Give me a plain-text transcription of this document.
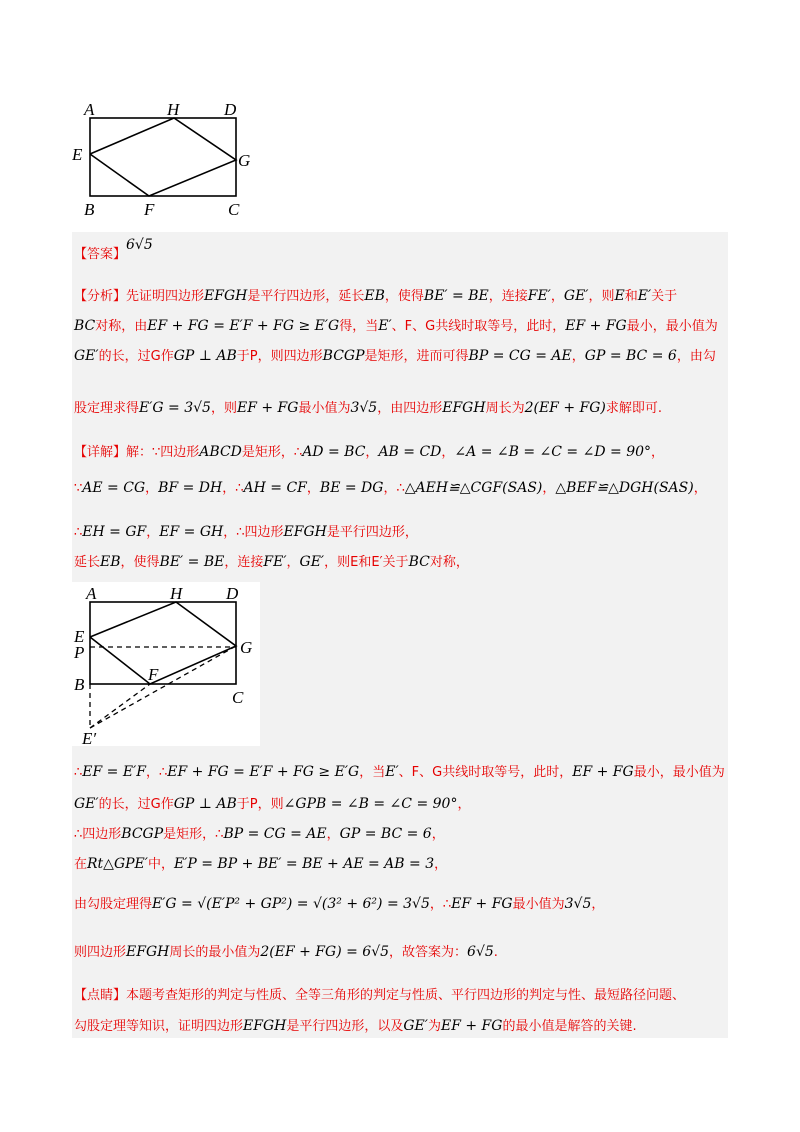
A	H	D
E	G
B	F	C
【答案】6√5
【分析】先证明四边形EFGH是平行四边形，延长EB，使得BE′ = BE，连接FE′，GE′，则E和E′关于
BC对称，由EF + FG = E′F + FG ≥ E′G得，当E′、F、G共线时取等号，此时，EF + FG最小，最小值为
GE′的长，过G作GP ⊥ AB于P，则四边形BCGP是矩形，进而可得BP = CG = AE，GP = BC = 6，由勾
股定理求得E′G = 3√5，则EF + FG最小值为3√5，由四边形EFGH周长为2(EF + FG)求解即可.
【详解】解：∵四边形ABCD是矩形，∴AD = BC，AB = CD，∠A = ∠B = ∠C = ∠D = 90°，
∵AE = CG，BF = DH，∴AH = CF，BE = DG，∴△AEH≌△CGF(SAS)，△BEF≌△DGH(SAS)，
∴EH = GF，EF = GH，∴四边形EFGH是平行四边形，
延长EB，使得BE′ = BE，连接FE′，GE′，则E和E′关于BC对称，
A	H	D
E
P	G
B
F
C
E′
∴EF = E′F，∴EF + FG = E′F + FG ≥ E′G，当E′、F、G共线时取等号，此时，EF + FG最小，最小值为
GE′的长，过G作GP ⊥ AB于P，则∠GPB = ∠B = ∠C = 90°，
∴四边形BCGP是矩形，∴BP = CG = AE，GP = BC = 6，
在Rt△GPE′中，E′P = BP + BE′ = BE + AE = AB = 3，
由勾股定理得E′G = √(E′P² + GP²) = √(3² + 6²) = 3√5，∴EF + FG最小值为3√5，
则四边形EFGH周长的最小值为2(EF + FG) = 6√5，故答案为：6√5.
【点睛】本题考查矩形的判定与性质、全等三角形的判定与性质、平行四边形的判定与性、最短路径问题、
勾股定理等知识，证明四边形EFGH是平行四边形，以及GE′为EF + FG的最小值是解答的关键.
